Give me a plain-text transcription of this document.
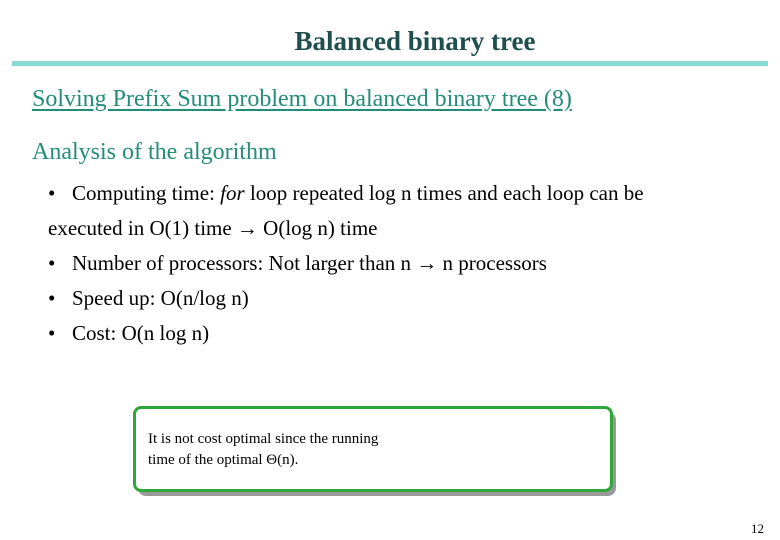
Balanced binary tree
Solving Prefix Sum problem on balanced binary tree (8)
Analysis of the algorithm
• Computing time: for loop repeated log n times and each loop can be
executed in O(1) time → O(log n) time
• Number of processors: Not larger than n → n processors
• Speed up: O(n/log n)
• Cost: O(n log n)
It is not cost optimal since the running
time of the optimal Θ(n).
12
